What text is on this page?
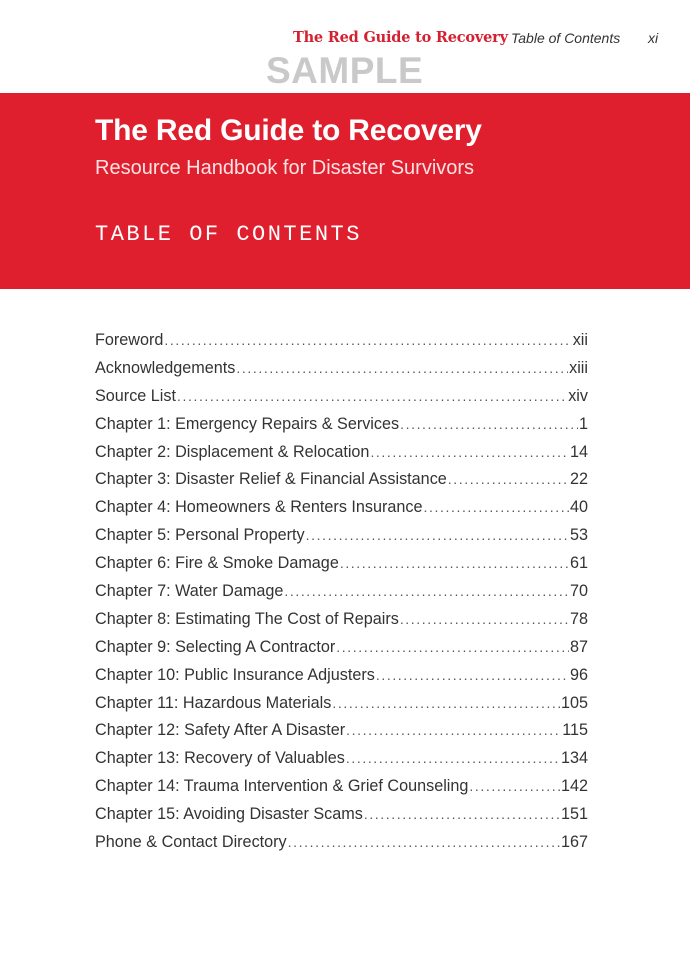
The Red Guide to Recovery Table of Contents xi
SAMPLE
The Red Guide to Recovery
Resource Handbook for Disaster Survivors
TABLE OF CONTENTS
Foreword .....	xii
Acknowledgements .....	xiii
Source List .....	xiv
Chapter 1: Emergency Repairs & Services .....	1
Chapter 2: Displacement & Relocation .....	14
Chapter 3: Disaster Relief & Financial Assistance .....	22
Chapter 4: Homeowners & Renters Insurance .....	40
Chapter 5: Personal Property .....	53
Chapter 6: Fire & Smoke Damage .....	61
Chapter 7: Water Damage .....	70
Chapter 8: Estimating The Cost of Repairs .....	78
Chapter 9: Selecting A Contractor .....	87
Chapter 10: Public Insurance Adjusters .....	96
Chapter 11: Hazardous Materials .....	105
Chapter 12: Safety After A Disaster .....	115
Chapter 13: Recovery of Valuables .....	134
Chapter 14: Trauma Intervention & Grief Counseling .....	142
Chapter 15: Avoiding Disaster Scams .....	151
Phone & Contact Directory .....	167
